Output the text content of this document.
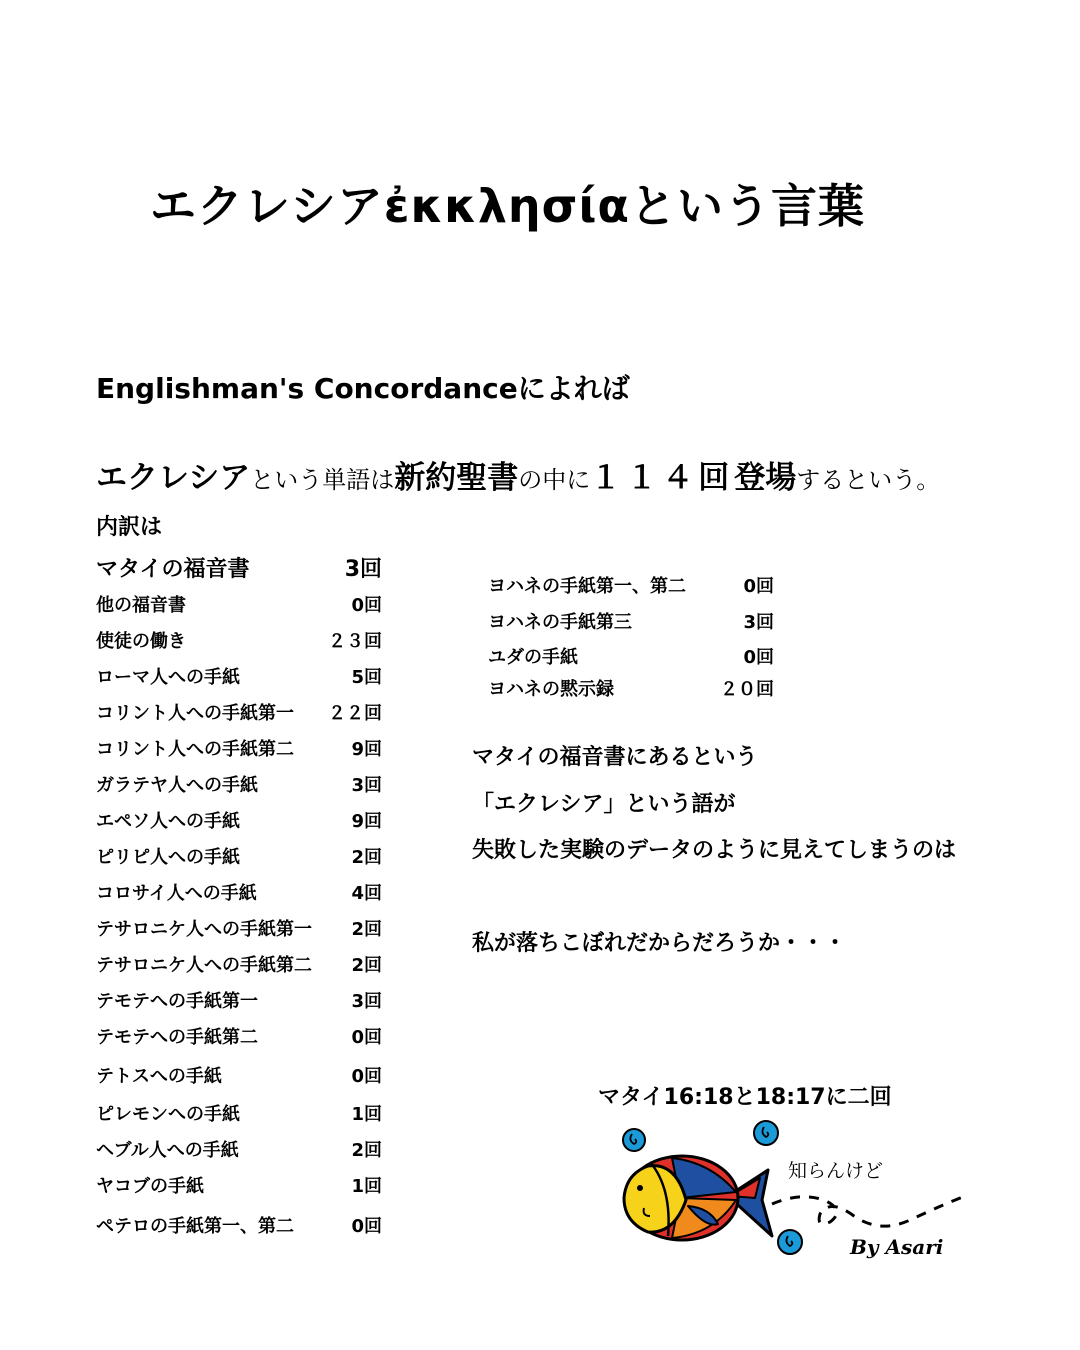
エクレシアἐκκλησίαという言葉
Englishman's Concordanceによれば
エクレシアという単語は新約聖書の中に１１４回登場するという。
内訳は
マタイの福音書	3回
他の福音書	0回
使徒の働き	２３回
ローマ人への手紙	5回
コリント人への手紙第一 ２２回
コリント人への手紙第二	9回
ガラテヤ人への手紙	3回
エペソ人への手紙	9回
ピリピ人への手紙	2回
コロサイ人への手紙	4回
テサロニケ人への手紙第一 2回
テサロニケ人への手紙第二 2回
テモテへの手紙第一	3回
テモテへの手紙第二	0回
テトスへの手紙	0回
ピレモンへの手紙	1回
ヘブル人への手紙	2回
ヤコブの手紙	1回
ペテロの手紙第一、第二	0回
ヨハネの手紙第一、第二	0回
ヨハネの手紙第三	3回
ユダの手紙	0回
ヨハネの黙示録	２０回
マタイの福音書にあるという
「エクレシア」という語が
失敗した実験のデータのように見えてしまうのは
私が落ちこぼれだからだろうか・・・
マタイ16:18と18:17に二回
知らんけど
By Asari
